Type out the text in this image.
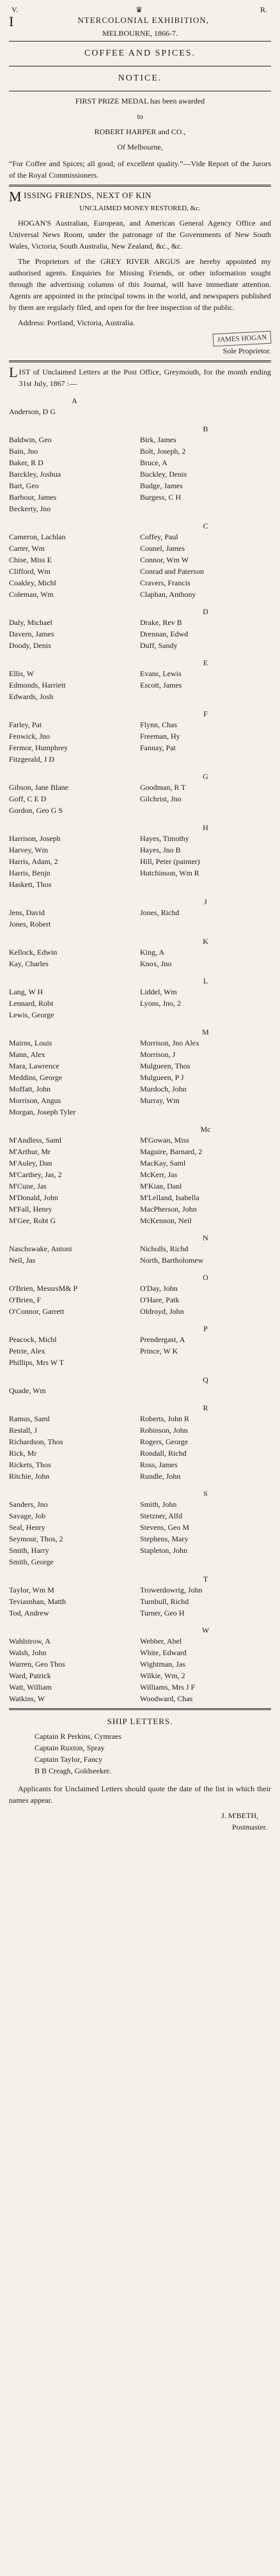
V.	♛	R.
I	NTERCOLONIAL EXHIBITION,
MELBOURNE, 1866-7.
COFFEE AND SPICES.
NOTICE.
FIRST PRIZE MEDAL has been awarded
to
ROBERT HARPER and CO.,
Of Melbourne,
“For Coffee and Spices; all good; of excellent quality.”—Vide Report of the Jurors of the Royal Commissioners.
M ISSING FRIENDS, NEXT OF KIN
UNCLAIMED MONEY RESTORED, &c.

HOGAN'S Australian, European, and American General Agency Office and Universal News Room, under the patronage of the Governments of New South Wales, Victoria, South Australia, New Zealand, &c., &c.

The Proprietors of the GREY RIVER ARGUS are hereby appointed my authorised agents. Enquiries for Missing Friends, or other information sought through the advertising columns of this Journal, will have immediate attention. Agents are appointed in the principal towns in the world, and newspapers published by them are regularly filed, and open for the free inspection of the public.

Address: Portland, Victoria, Australia.

JAMES HOGAN
Sole Proprietor.
L IST of Unclaimed Letters at the Post Office, Greymouth, for the month ending 31st July, 1867 :—
A
Anderson, D G
B
Baldwin, Geo
Bain, Jno
Baker, R D
Barckley, Joshua
Bart, Geo
Barbour, James
Beckerty, Jno
Birk, James
Bolt, Joseph, 2
Bruce, A
Buckley, Denis
Budge, James
Burgess, C H
C
Cameron, Lachlan
Carter, Wm
Chise, Miss E
Clifford, Wm
Coakley, Michl
Coleman, Wm
Coffey, Paul
Counel, James
Connor, Wm W
Conrad and Paterson
Cravers, Francis
Claphan, Anthony
D
Daly, Michael
Davern, James
Doody, Denis
Drake, Rev B
Drennan, Edwd
Duff, Sandy
E
Ellis, W
Edmonds, Harriett
Edwards, Josh
Evans, Lewis
Escott, James
F
Farley, Pat
Fenwick, Jno
Fermor, Humphrey
Fitzgerald, J D
Flynn, Chas
Freeman, Hy
Fannay, Pat
G
Gibson, Jane Blane
Goff, C E D
Gordon, Geo G S
Goodman, R T
Gilchrist, Jno
H
Harrison, Joseph
Harvey, Wm
Harris, Adam, 2
Harris, Benjn
Haskett, Thos
Hayes, Timothy
Hayes, Jno B
Hill, Peter (painter)
Hutchinson, Wm R
J
Jens, David
Jones, Robert
Jones, Richd
K
Kellock, Edwin
Kay, Charles
King, A
Knox, Jno
L
Lang, W H
Lennard, Robt
Lewis, George
Liddel, Wm
Lyons, Jno, 2
M
Mairns, Louis
Mann, Alex
Mara, Lawrence
Meddins, George
Moffatt, John
Morrison, Angus
Morgan, Joseph Tyler
Morrison, Jno Alex
Morrison, J
Mulgueen, Thos
Mulgueen, P J
Murdoch, John
Murray, Wm
Mc
M'Andless, Saml
M'Arthur, Mr
M'Auley, Dan
M'Carthey, Jas, 2
M'Cune, Jas
M'Donald, John
M'Fall, Henry
M'Gee, Robt G
M'Gowan, Miss
Maguire, Barnard, 2
MacKay, Saml
McKerr, Jas
M'Kian, Danl
M'Lelland, Isabella
MacPherson, John
McKennon, Neil
N
Naschswake, Antoni
Neil, Jas
Nicholls, Richd
North, Bartholomew
O
O'Brien, MessrsM& P
O'Brien, F
O'Connor, Garrett
O'Day, John
O'Hare, Patk
Oldroyd, John
P
Peacock, Michl
Petrie, Alex
Phillips, Mrs W T
Prendergast, A
Prince, W K
Q
Quade, Wm
R
Ramus, Saml
Restall, J
Richardson, Thos
Rick, Mr
Rickets, Thos
Ritchie, John
Roberts, John R
Robinson, John
Rogers, George
Rondall, Richd
Ross, James
Rundle, John
S
Sanders, Jno
Savage, Job
Seal, Henry
Seymour, Thos, 2
Smith, Harry
Smith, George
Smith, John
Stetzner, Alfd
Stevens, Geo M
Stephens, Mary
Stapleton, John
T
Taylor, Wm M
Teviasnhan, Matth
Tod, Andrew
Trowerdowrig, John
Turnbull, Richd
Turner, Geo H
W
Wahlstrow, A
Walsh, John
Warren, Geo Thos
Ward, Patrick
Watt, William
Watkins, W
Webber, Abel
White, Edward
Wightman, Jas
Wilkie, Wm, 2
Williams, Mrs J F
Woodward, Chas
SHIP LETTERS.
Captain R Perkins, Cymraes
Captain Ruxton, Spray
Captain Taylor, Fancy
B B Creagh, Goldseeker.
Applicants for Unclaimed Letters should quote the date of the list in which their names appear.
J. M'BETH,
Postmaster.
